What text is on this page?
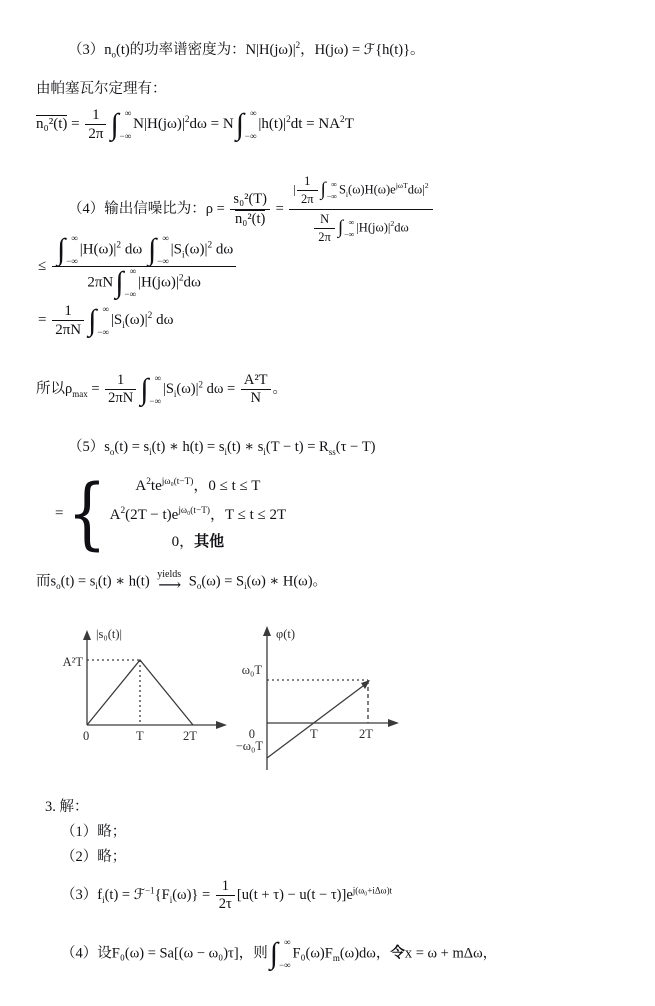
$(3)n_o(t)$的功率谱密度为：$N|H(j\omega)|^2$，H(jω) = ℱ{h(t)}。
由帕塞瓦尔定理有：
$n_0^2(t) = \frac{1}{2\pi}$ ∫ ∞
−∞
$N|H(j\omega)|^2d\omega = N$ ∫ ∞
−∞
$|h(t)|^2dt = NA^2T$
（4）输出信噪比为：$\rho = \frac{\text{s₀²(T)}}{\text{n₀²(t)}}$ =
| $\frac{1}{2\pi}$ ∫ ∞
−∞ $S_i(\omega)H(\omega)e^{j\omega T}d\omega|^2$
$\frac{N}{2\pi}$ ∫ ∞
−∞ $|H(j\omega)|^2d\omega$
≤ ∫ ∞
−∞
$|H(\omega)|^2$ dω ∫ ∞
−∞
$|S_i(\omega)|^2$ dω
2πN ∫ ∞
−∞
$|H(j\omega)|^2d\omega$
= $\frac{1}{2\pi N}$ ∫ ∞
−∞
$|S_i(\omega)|^2$ dω
所以$\rho_{max} = \frac{1}{2\pi N}$ ∫ ∞
−∞
$|S_i(\omega)|^2$ $d\omega = \frac{\text{A²T}}{N}$ 。
$(5)s_o(t) = s_i(t)$ ∗ $h(t) = s_i(t)$ ∗ $s_i(T - t) = R_{ss}(\tau - T)$
= { $A^2te^{j\omega_0(t-T)}$，0 ≤ t ≤ T
$A^2(2T - t)e^{j\omega_0(t-T)}$，T ≤ t ≤ 2T
0，其他
而$s_o(t) = s_i(t)$ ∗ h(t) yields
⟶ $S_o(\omega) = S_i(\omega)$ ∗ H(ω)。
|s₀(t)|
A²T
0	T	2T
φ(t)
ω₀T
−ω₀T
0	T	2T
3. 解：
（1）略；
（2）略；
$(3)f_i(t)$ = $ℱ^{-1}\{F_i(\omega)\} = \frac{1}{2\tau} [u(t + \tau) - u(t - \tau)]e^{j(\omega_0+i\Delta\omega)t}$
（4）设F₀(ω) = Sa[(ω − ω₀)τ]，则 ∫ ∞
−∞
$F_0(\omega)F_m(\omega)d\omega$，令x = ω + mΔω，
